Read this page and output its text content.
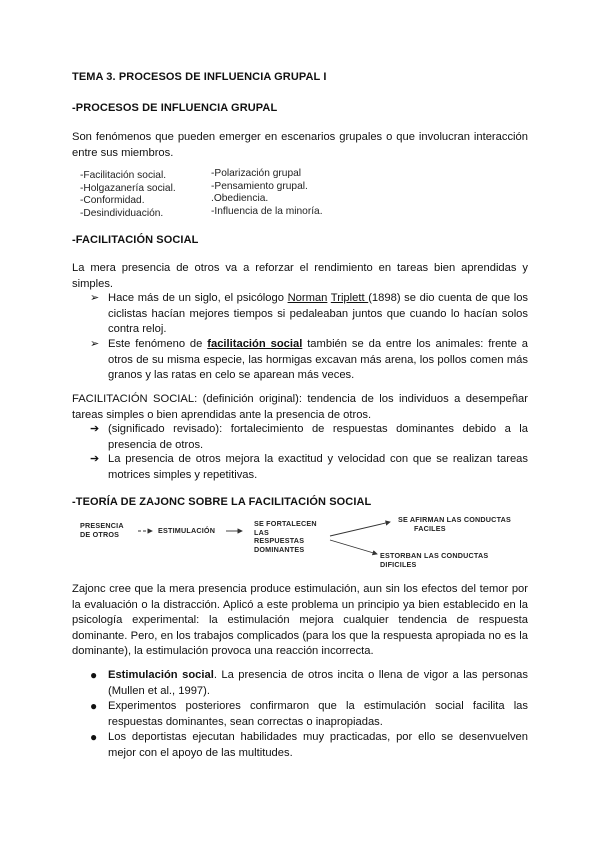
TEMA 3. PROCESOS DE INFLUENCIA GRUPAL I
-PROCESOS DE INFLUENCIA GRUPAL
Son fenómenos que pueden emerger en escenarios grupales o que involucran interacción entre sus miembros.
-Facilitación social.
-Holgazanería social.
-Conformidad.
-Desindividuación.
-Polarización grupal
-Pensamiento grupal.
.Obediencia.
-Influencia de la minoría.
-FACILITACIÓN SOCIAL
La mera presencia de otros va a reforzar el rendimiento en tareas bien aprendidas y simples.
➢ Hace más de un siglo, el psicólogo Norman Triplett (1898) se dio cuenta de que los ciclistas hacían mejores tiempos si pedaleaban juntos que cuando lo hacían solos contra reloj.
➢ Este fenómeno de facilitación social también se da entre los animales: frente a otros de su misma especie, las hormigas excavan más arena, los pollos comen más granos y las ratas en celo se aparean más veces.
FACILITACIÓN SOCIAL: (definición original): tendencia de los individuos a desempeñar tareas simples o bien aprendidas ante la presencia de otros.
➔ (significado revisado): fortalecimiento de respuestas dominantes debido a la presencia de otros.
➔ La presencia de otros mejora la exactitud y velocidad con que se realizan tareas motrices simples y repetitivas.
-TEORÍA DE ZAJONC SOBRE LA FACILITACIÓN SOCIAL
PRESENCIA
DE OTROS	ESTIMULACIÓN
SE FORTALECEN
LAS
RESPUESTAS
DOMINANTES
SE AFIRMAN LAS CONDUCTAS
FACILES
ESTORBAN LAS CONDUCTAS
DIFICILES
Zajonc cree que la mera presencia produce estimulación, aun sin los efectos del temor por la evaluación o la distracción. Aplicó a este problema un principio ya bien establecido en la psicología experimental: la estimulación mejora cualquier tendencia de respuesta dominante. Pero, en los trabajos complicados (para los que la respuesta apropiada no es la dominante), la estimulación provoca una reacción incorrecta.
● Estimulación social. La presencia de otros incita o llena de vigor a las personas (Mullen et al., 1997).
● Experimentos posteriores confirmaron que la estimulación social facilita las respuestas dominantes, sean correctas o inapropiadas.
● Los deportistas ejecutan habilidades muy practicadas, por ello se desenvuelven mejor con el apoyo de las multitudes.
